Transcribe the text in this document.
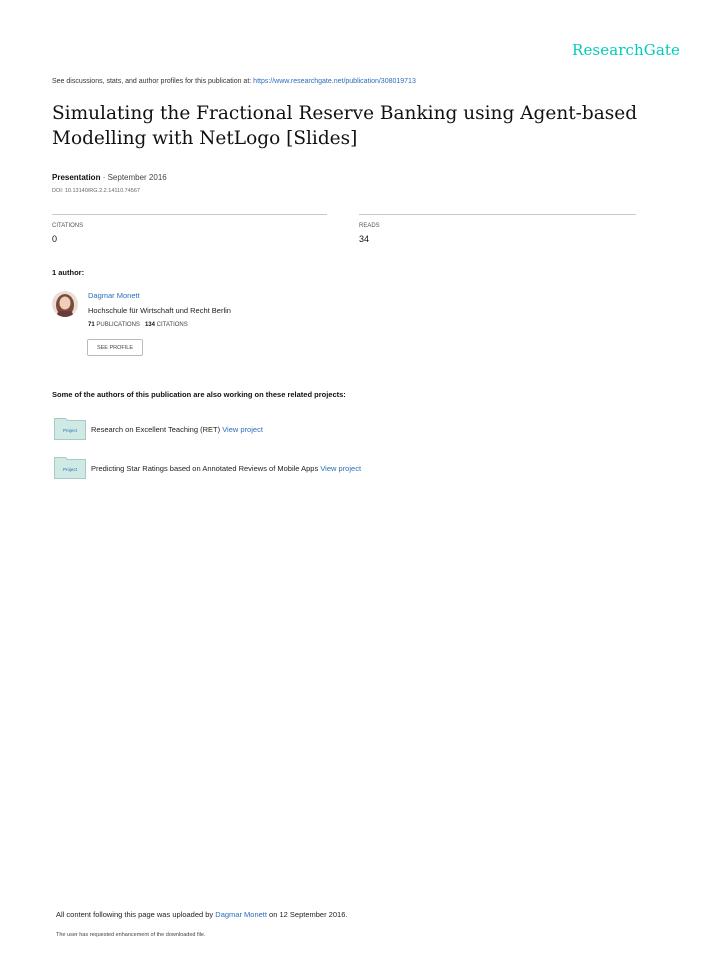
ResearchGate
See discussions, stats, and author profiles for this publication at: https://www.researchgate.net/publication/308019713
Simulating the Fractional Reserve Banking using Agent-based Modelling with NetLogo [Slides]
Presentation · September 2016
DOI: 10.13140/RG.2.2.14110.74567
CITATIONS
0
READS
34
1 author:
Dagmar Monett
Hochschule für Wirtschaft und Recht Berlin
71 PUBLICATIONS 134 CITATIONS
SEE PROFILE
Some of the authors of this publication are also working on these related projects:
Project Research on Excellent Teaching (RET) View project
Project Predicting Star Ratings based on Annotated Reviews of Mobile Apps View project
All content following this page was uploaded by Dagmar Monett on 12 September 2016.
The user has requested enhancement of the downloaded file.
